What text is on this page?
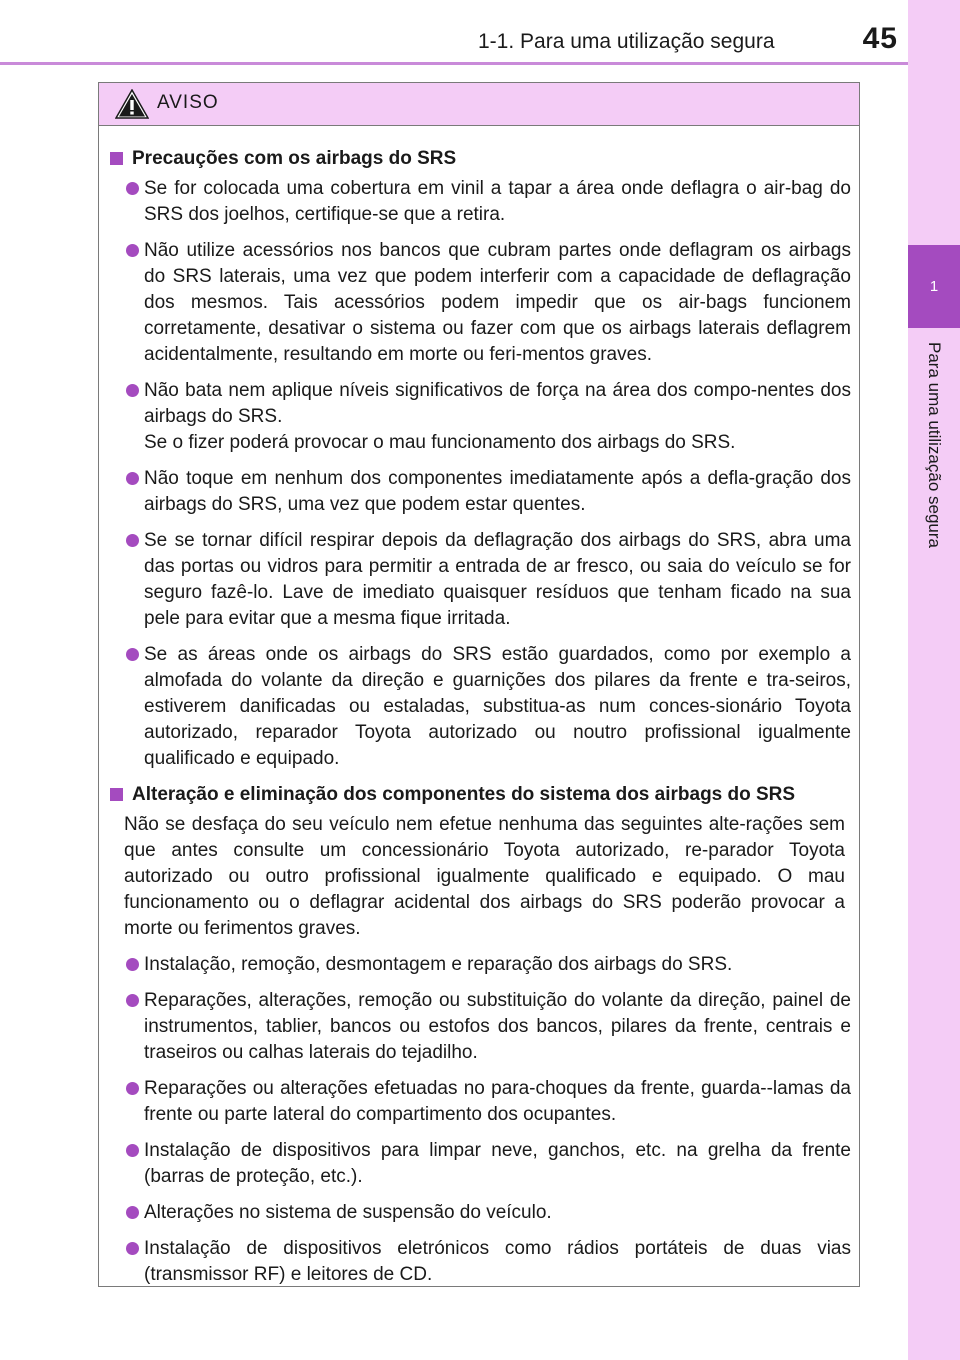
1-1. Para uma utilização segura	45
1
Para uma utilização segura
AVISO
Precauções com os airbags do SRS
Se for colocada uma cobertura em vinil a tapar a área onde deflagra o air-bag do SRS dos joelhos, certifique-se que a retira.
Não utilize acessórios nos bancos que cubram partes onde deflagram os airbags do SRS laterais, uma vez que podem interferir com a capacidade de deflagração dos mesmos. Tais acessórios podem impedir que os air-bags funcionem corretamente, desativar o sistema ou fazer com que os airbags laterais deflagrem acidentalmente, resultando em morte ou feri-mentos graves.
Não bata nem aplique níveis significativos de força na área dos compo-nentes dos airbags do SRS.
Se o fizer poderá provocar o mau funcionamento dos airbags do SRS.
Não toque em nenhum dos componentes imediatamente após a defla-gração dos airbags do SRS, uma vez que podem estar quentes.
Se se tornar difícil respirar depois da deflagração dos airbags do SRS, abra uma das portas ou vidros para permitir a entrada de ar fresco, ou saia do veículo se for seguro fazê-lo. Lave de imediato quaisquer resíduos que tenham ficado na sua pele para evitar que a mesma fique irritada.
Se as áreas onde os airbags do SRS estão guardados, como por exemplo a almofada do volante da direção e guarnições dos pilares da frente e tra-seiros, estiverem danificadas ou estaladas, substitua-as num conces-sionário Toyota autorizado, reparador Toyota autorizado ou noutro profissional igualmente qualificado e equipado.
Alteração e eliminação dos componentes do sistema dos airbags do SRS
Não se desfaça do seu veículo nem efetue nenhuma das seguintes alte-rações sem que antes consulte um concessionário Toyota autorizado, re-parador Toyota autorizado ou outro profissional igualmente qualificado e equipado. O mau funcionamento ou o deflagrar acidental dos airbags do SRS poderão provocar a morte ou ferimentos graves.
Instalação, remoção, desmontagem e reparação dos airbags do SRS.
Reparações, alterações, remoção ou substituição do volante da direção, painel de instrumentos, tablier, bancos ou estofos dos bancos, pilares da frente, centrais e traseiros ou calhas laterais do tejadilho.
Reparações ou alterações efetuadas no para-choques da frente, guarda--lamas da frente ou parte lateral do compartimento dos ocupantes.
Instalação de dispositivos para limpar neve, ganchos, etc. na grelha da frente (barras de proteção, etc.).
Alterações no sistema de suspensão do veículo.
Instalação de dispositivos eletrónicos como rádios portáteis de duas vias (transmissor RF) e leitores de CD.
